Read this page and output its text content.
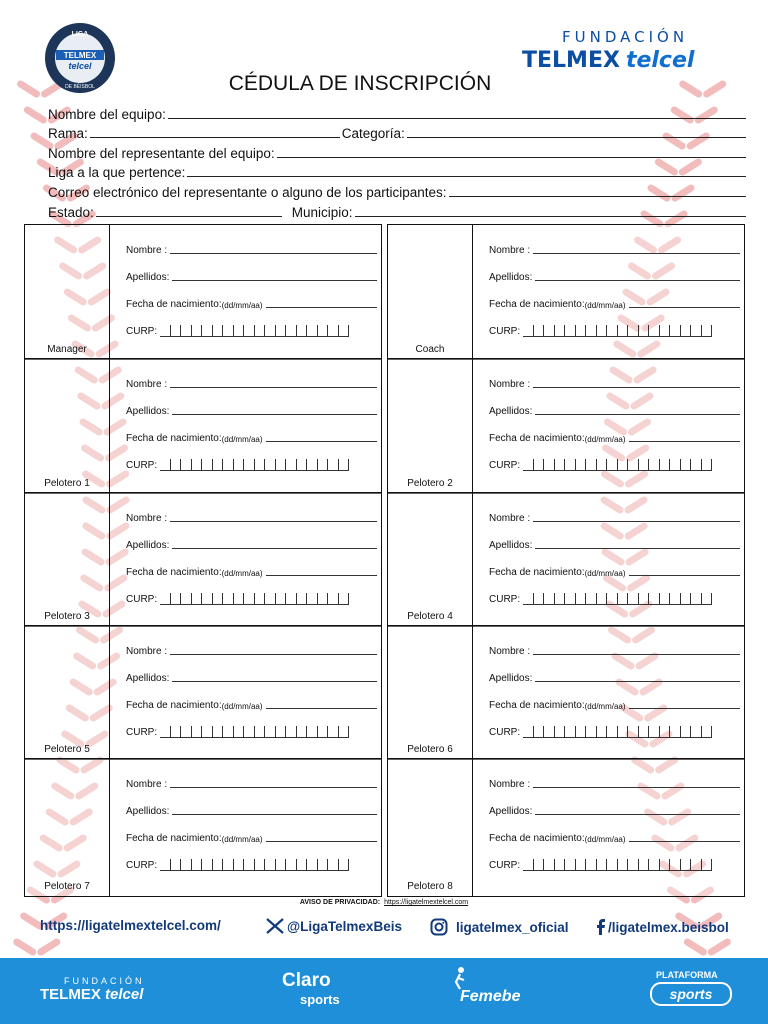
LIGA
TELMEX
telcel
DE BÉISBOL
FUNDACIÓN
TELMEX telcel
CÉDULA DE INSCRIPCIÓN
Nombre del equipo:
Rama:	Categoría:
Nombre del representante del equipo:
Liga a la que pertence:
Correo electrónico del representante o alguno de los participantes:
Estado:	Municipio:
Manager
Nombre :
Apellidos:
Fecha de nacimiento: (dd/mm/aa)
CURP:
Pelotero 1
Nombre :
Apellidos:
Fecha de nacimiento: (dd/mm/aa)
CURP:
Pelotero 3
Nombre :
Apellidos:
Fecha de nacimiento: (dd/mm/aa)
CURP:
Pelotero 5
Nombre :
Apellidos:
Fecha de nacimiento: (dd/mm/aa)
CURP:
Pelotero 7
Nombre :
Apellidos:
Fecha de nacimiento: (dd/mm/aa)
CURP:
Coach
Nombre :
Apellidos:
Fecha de nacimiento: (dd/mm/aa)
CURP:
Pelotero 2
Nombre :
Apellidos:
Fecha de nacimiento: (dd/mm/aa)
CURP:
Pelotero 4
Nombre :
Apellidos:
Fecha de nacimiento: (dd/mm/aa)
CURP:
Pelotero 6
Nombre :
Apellidos:
Fecha de nacimiento: (dd/mm/aa)
CURP:
Pelotero 8
Nombre :
Apellidos:
Fecha de nacimiento: (dd/mm/aa)
CURP:
AVISO DE PRIVACIDAD: https://ligatelmextelcel.com
https://ligatelmextelcel.com/	@LigaTelmexBeis	ligatelmex_oficial	/ligatelmex.beisbol
FUNDACIÓN
TELMEX telcel
Claro
sports	Femebe
PLATAFORMA
sports
